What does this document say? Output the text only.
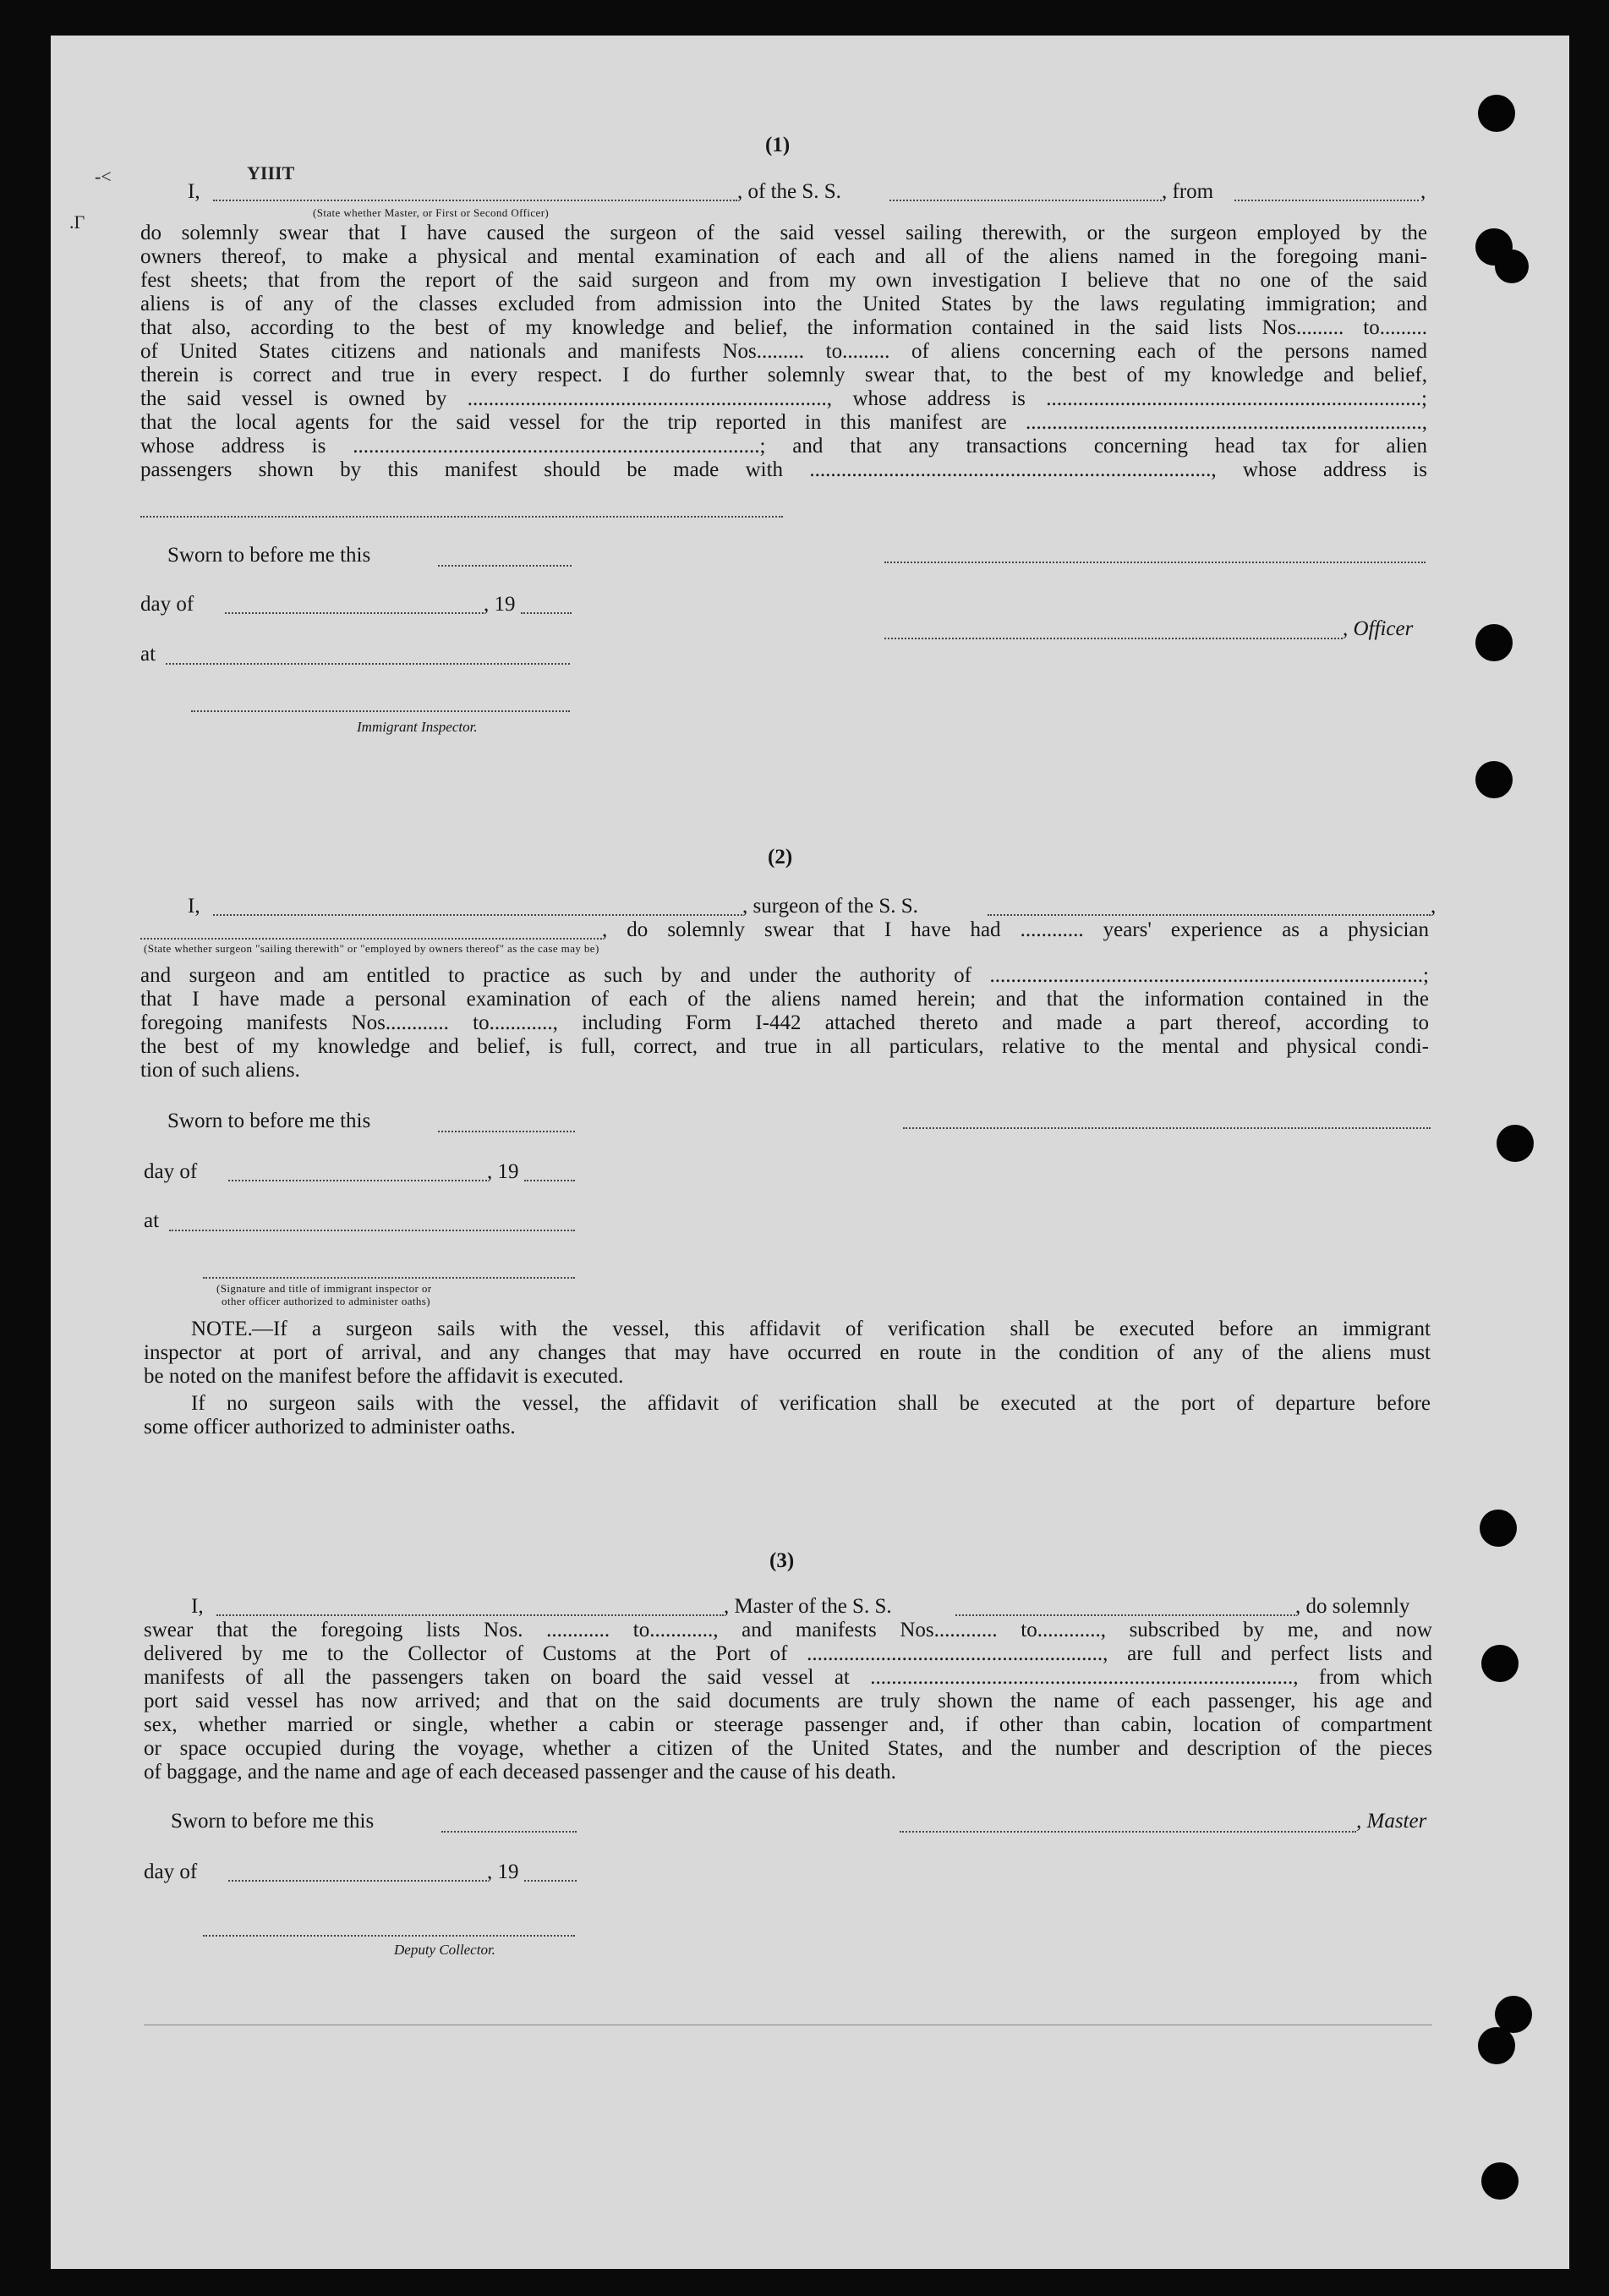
-<
.Γ
YIIIT
(1)
I,	, of the S. S.	, from	,
(State whether Master, or First or Second Officer)
do solemnly swear that I have caused the surgeon of the said vessel sailing therewith, or the surgeon employed by the
owners thereof, to make a physical and mental examination of each and all of the aliens named in the foregoing mani-
fest sheets; that from the report of the said surgeon and from my own investigation I believe that no one of the said
aliens is of any of the classes excluded from admission into the United States by the laws regulating immigration; and
that also, according to the best of my knowledge and belief, the information contained in the said lists Nos......... to.........
of United States citizens and nationals and manifests Nos......... to......... of aliens concerning each of the persons named
therein is correct and true in every respect. I do further solemnly swear that, to the best of my knowledge and belief,
the said vessel is owned by ...................................................................., whose address is .......................................................................;
that the local agents for the said vessel for the trip reported in this manifest are ...........................................................................,
whose address is .............................................................................; and that any transactions concerning head tax for alien
passengers shown by this manifest should be made with ............................................................................, whose address is
Sworn to before me this
day of	, 19
, Officer
at
Immigrant Inspector.
(2)
I,	, surgeon of the S. S.	,
, do solemnly swear that I have had ............ years' experience as a physician
(State whether surgeon "sailing therewith" or "employed by owners thereof" as the case may be)
and surgeon and am entitled to practice as such by and under the authority of ..................................................................................;
that I have made a personal examination of each of the aliens named herein; and that the information contained in the
foregoing manifests Nos............ to............, including Form I-442 attached thereto and made a part thereof, according to
the best of my knowledge and belief, is full, correct, and true in all particulars, relative to the mental and physical condi-
tion of such aliens.
Sworn to before me this
day of	, 19
at
(Signature and title of immigrant inspector or
other officer authorized to administer oaths)
NOTE. —If a surgeon sails with the vessel, this affidavit of verification shall be executed before an immigrant
inspector at port of arrival, and any changes that may have occurred en route in the condition of any of the aliens must
be noted on the manifest before the affidavit is executed.
If no surgeon sails with the vessel, the affidavit of verification shall be executed at the port of departure before
some officer authorized to administer oaths.
(3)
I,	, Master of the S. S.	, do solemnly
swear that the foregoing lists Nos. ............ to............, and manifests Nos............ to............, subscribed by me, and now
delivered by me to the Collector of Customs at the Port of ........................................................, are full and perfect lists and
manifests of all the passengers taken on board the said vessel at ................................................................................, from which
port said vessel has now arrived; and that on the said documents are truly shown the name of each passenger, his age and
sex, whether married or single, whether a cabin or steerage passenger and, if other than cabin, location of compartment
or space occupied during the voyage, whether a citizen of the United States, and the number and description of the pieces
of baggage, and the name and age of each deceased passenger and the cause of his death.
Sworn to before me this	, Master
day of	, 19
Deputy Collector.
